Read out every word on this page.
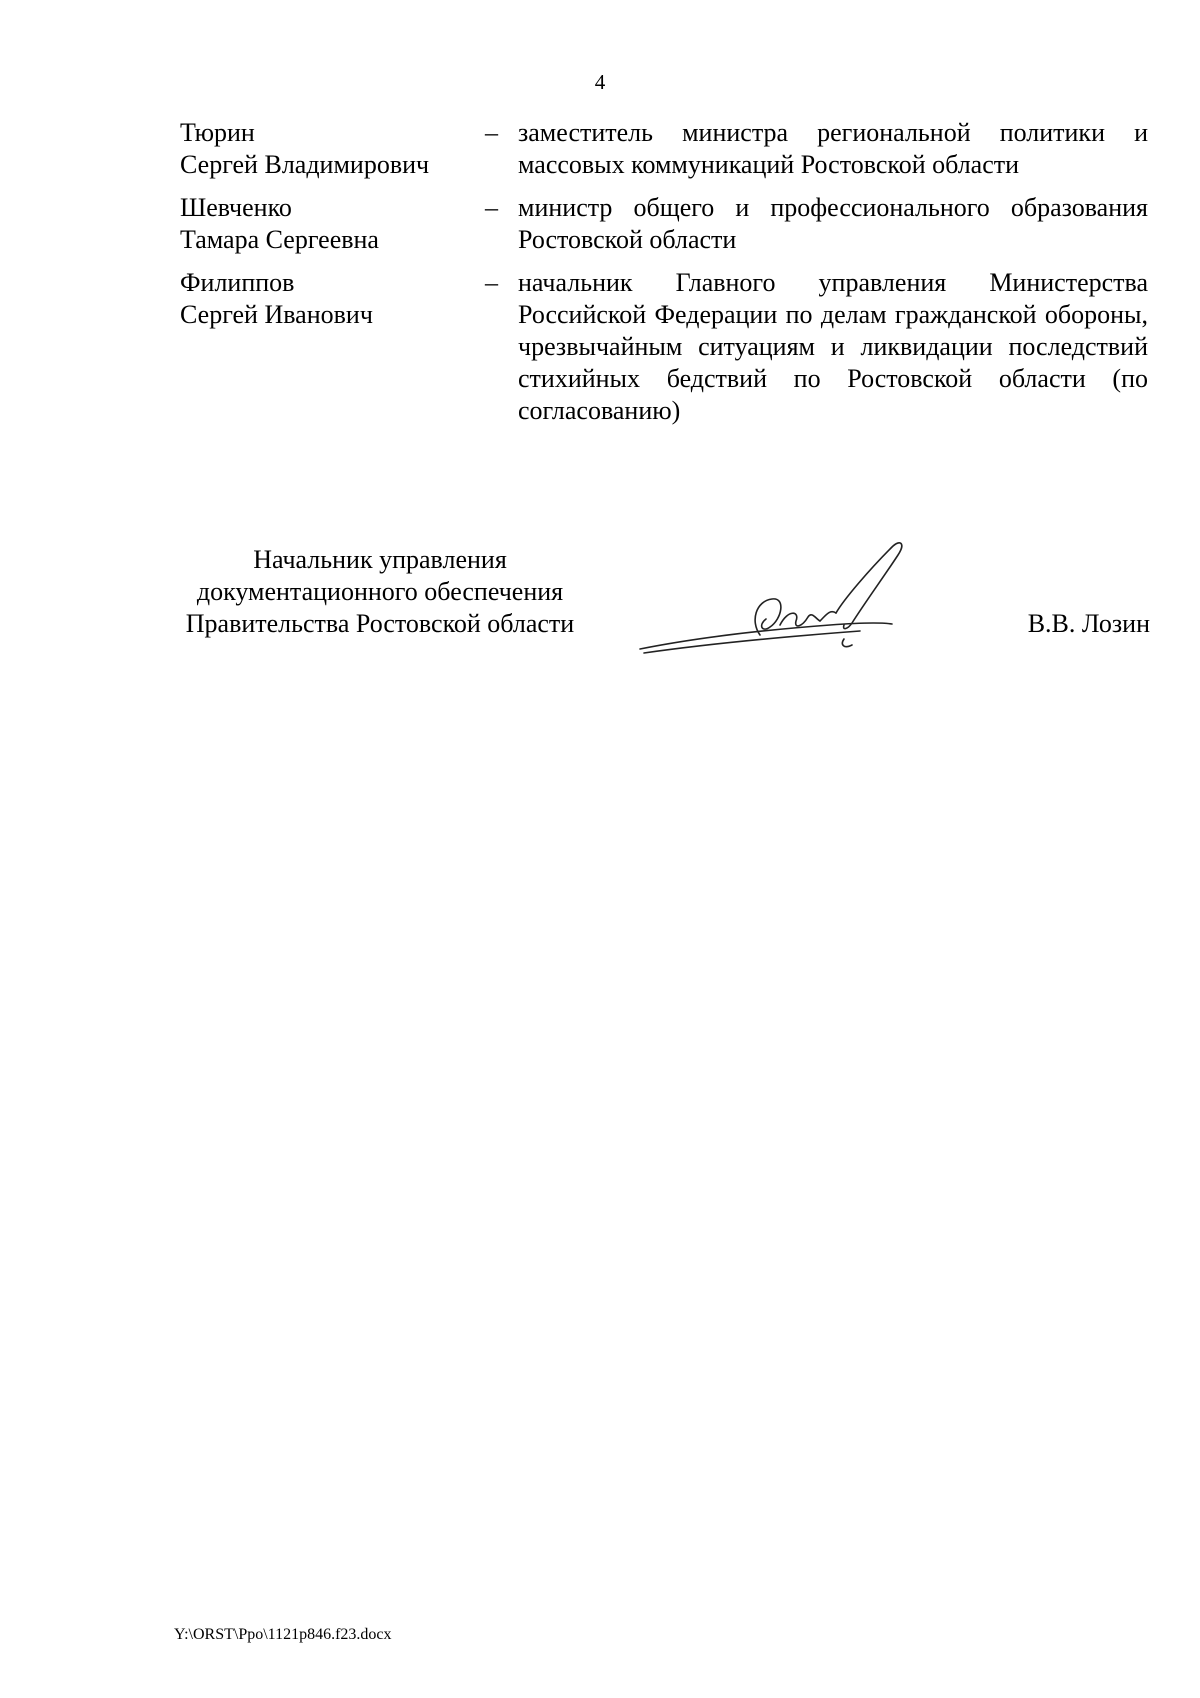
4
Тюрин
Сергей Владимирович
– заместитель министра региональной политики и массовых коммуникаций Ростовской области
Шевченко
Тамара Сергеевна
– министр общего и профессионального образования Ростовской области
Филиппов
Сергей Иванович
– начальник Главного управления Министерства Российской Федерации по делам гражданской обороны, чрезвычайным ситуациям и ликвидации последствий стихийных бедствий по Ростовской области (по согласованию)
Начальник управления
документационного обеспечения
Правительства Ростовской области	В.В. Лозин
Y:\ORST\Ppo\1121p846.f23.docx
